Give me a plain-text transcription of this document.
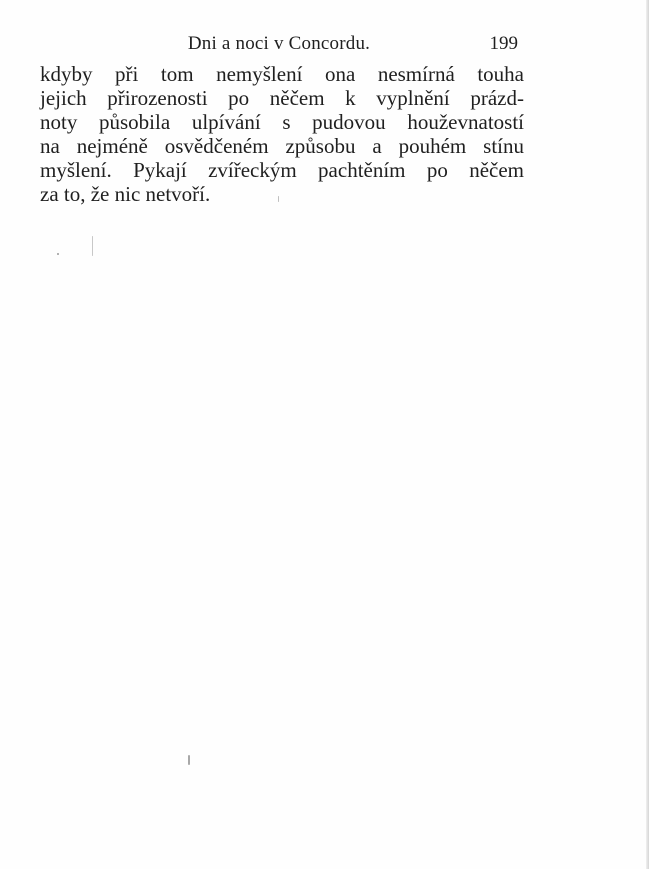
Dni a noci v Concordu.	199
kdyby při tom nemyšlení ona nesmírná touha
jejich přirozenosti po něčem k vyplnění prázd-
noty působila ulpívání s pudovou houževnatostí
na nejméně osvědčeném způsobu a pouhém stínu
myšlení. Pykají zvířeckým pachtěním po něčem
za to, že nic netvoří.
